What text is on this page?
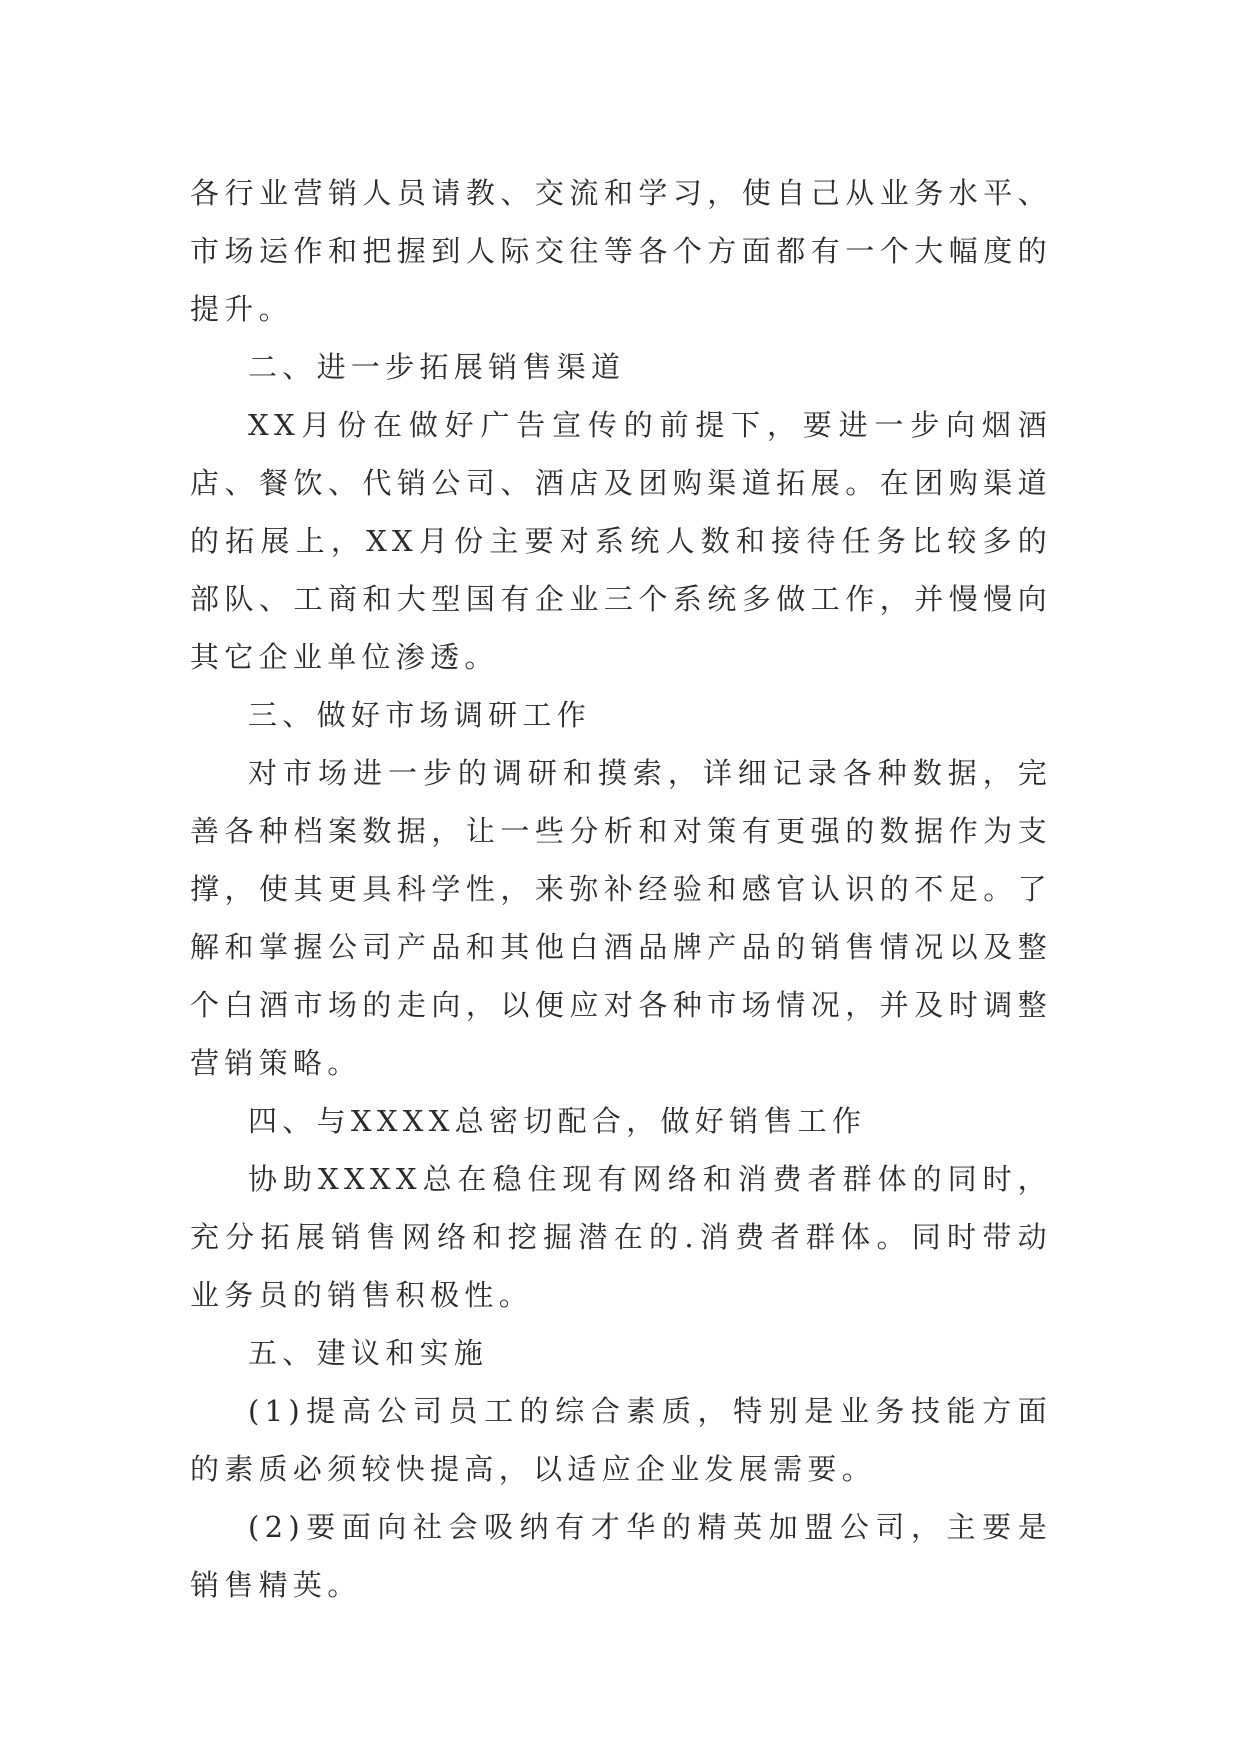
各行业营销人员请教、交流和学习，使自己从业务水平、市场运作和把握到人际交往等各个方面都有一个大幅度的提升。

二、进一步拓展销售渠道

XX月份在做好广告宣传的前提下，要进一步向烟酒店、餐饮、代销公司、酒店及团购渠道拓展。在团购渠道的拓展上，XX月份主要对系统人数和接待任务比较多的部队、工商和大型国有企业三个系统多做工作，并慢慢向其它企业单位渗透。

三、做好市场调研工作

对市场进一步的调研和摸索，详细记录各种数据，完善各种档案数据，让一些分析和对策有更强的数据作为支撑，使其更具科学性，来弥补经验和感官认识的不足。了解和掌握公司产品和其他白酒品牌产品的销售情况以及整个白酒市场的走向，以便应对各种市场情况，并及时调整营销策略。

四、与XXXX总密切配合，做好销售工作

协助XXXX总在稳住现有网络和消费者群体的同时，充分拓展销售网络和挖掘潜在的.消费者群体。同时带动业务员的销售积极性。

五、建议和实施

(1)提高公司员工的综合素质，特别是业务技能方面的素质必须较快提高，以适应企业发展需要。

(2)要面向社会吸纳有才华的精英加盟公司，主要是销售精英。
